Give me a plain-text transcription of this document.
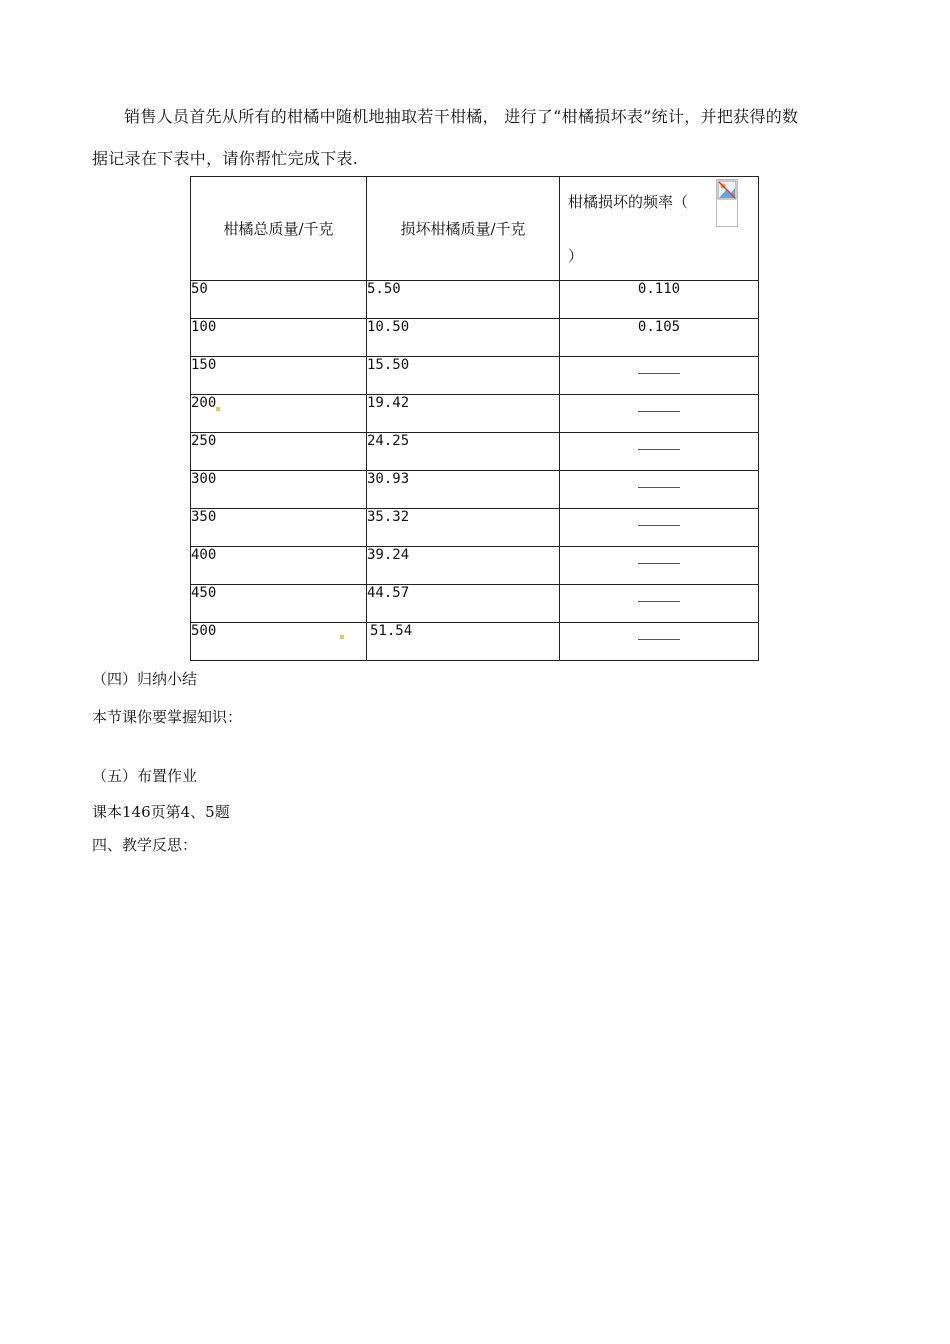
销售人员首先从所有的柑橘中随机地抽取若干柑橘， 进行了“柑橘损坏表”统计，并把获得的数
据记录在下表中，请你帮忙完成下表.
柑橘总质量/千克	损坏柑橘质量/千克	柑橘损坏的频率（
）

50	5.50	0.110
100	10.50	0.105
150	15.50	
200	19.42	
250	24.25	
300	30.93	
350	35.32	
400	39.24	
450	44.57	
500	51.54	
（四）归纳小结
本节课你要掌握知识：
（五）布置作业
课本146页第4、5题
四、教学反思：
